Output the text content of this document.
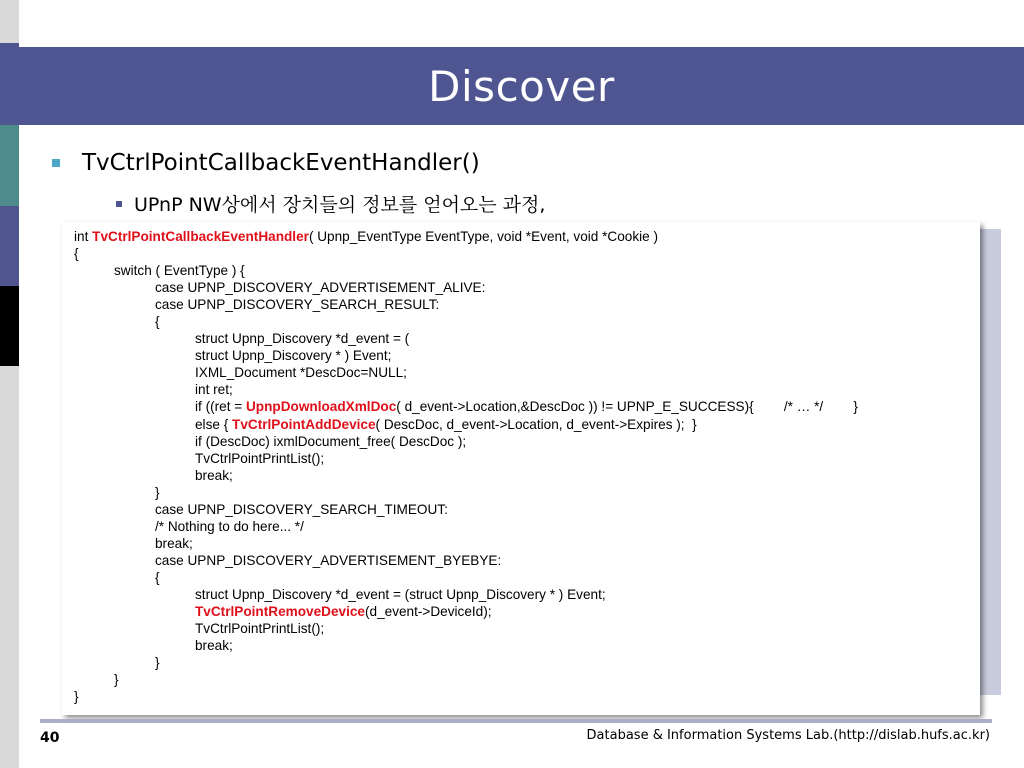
Discover
TvCtrlPointCallbackEventHandler()
UPnP NW상에서 장치들의 정보를 얻어오는 과정,
int TvCtrlPointCallbackEventHandler( Upnp_EventType EventType, void *Event, void *Cookie )
{
switch ( EventType ) {
case UPNP_DISCOVERY_ADVERTISEMENT_ALIVE:
case UPNP_DISCOVERY_SEARCH_RESULT:
{
struct Upnp_Discovery *d_event = (
struct Upnp_Discovery * ) Event;
IXML_Document *DescDoc=NULL;
int ret;
if ((ret = UpnpDownloadXmlDoc( d_event->Location,&DescDoc )) != UPNP_E_SUCCESS){        /* … */        }
else { TvCtrlPointAddDevice( DescDoc, d_event->Location, d_event->Expires );  }
if (DescDoc) ixmlDocument_free( DescDoc );
TvCtrlPointPrintList();
break;
}
case UPNP_DISCOVERY_SEARCH_TIMEOUT:
/* Nothing to do here... */
break;
case UPNP_DISCOVERY_ADVERTISEMENT_BYEBYE:
{
struct Upnp_Discovery *d_event = (struct Upnp_Discovery * ) Event;
TvCtrlPointRemoveDevice(d_event->DeviceId);
TvCtrlPointPrintList();
break;
}
}
}
40	Database & Information Systems Lab.(http://dislab.hufs.ac.kr)
